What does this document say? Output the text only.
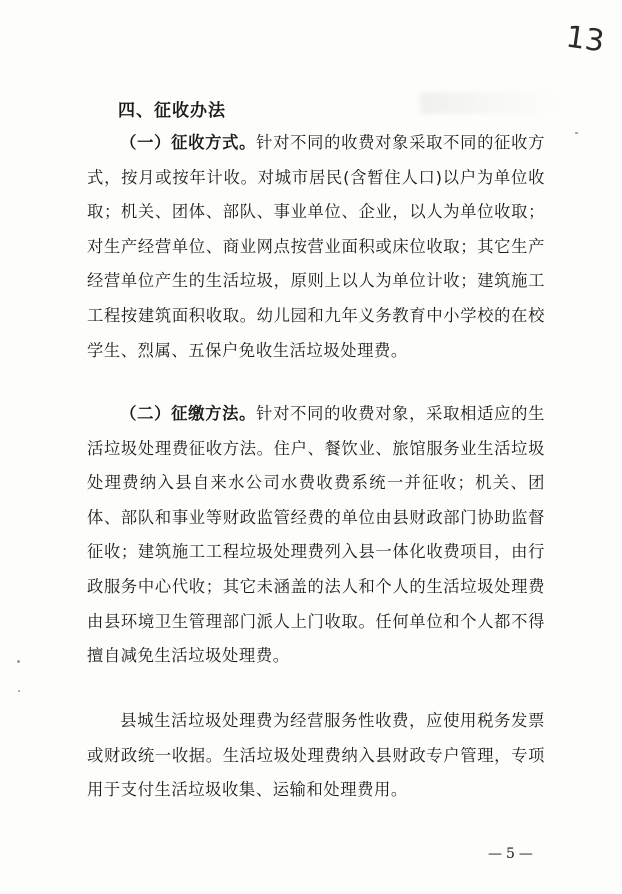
13
四、征收办法
（一）征收方式。针对不同的收费对象采取不同的征收方式，按月或按年计收。对城市居民(含暂住人口)以户为单位收取；机关、团体、部队、事业单位、企业，以人为单位收取；对生产经营单位、商业网点按营业面积或床位收取；其它生产经营单位产生的生活垃圾，原则上以人为单位计收；建筑施工工程按建筑面积收取。幼儿园和九年义务教育中小学校的在校学生、烈属、五保户免收生活垃圾处理费。
（二）征缴方法。针对不同的收费对象，采取相适应的生活垃圾处理费征收方法。住户、餐饮业、旅馆服务业生活垃圾处理费纳入县自来水公司水费收费系统一并征收；机关、团体、部队和事业等财政监管经费的单位由县财政部门协助监督征收；建筑施工工程垃圾处理费列入县一体化收费项目，由行政服务中心代收；其它未涵盖的法人和个人的生活垃圾处理费由县环境卫生管理部门派人上门收取。任何单位和个人都不得擅自减免生活垃圾处理费。
县城生活垃圾处理费为经营服务性收费，应使用税务发票或财政统一收据。生活垃圾处理费纳入县财政专户管理，专项用于支付生活垃圾收集、运输和处理费用。
—5—
